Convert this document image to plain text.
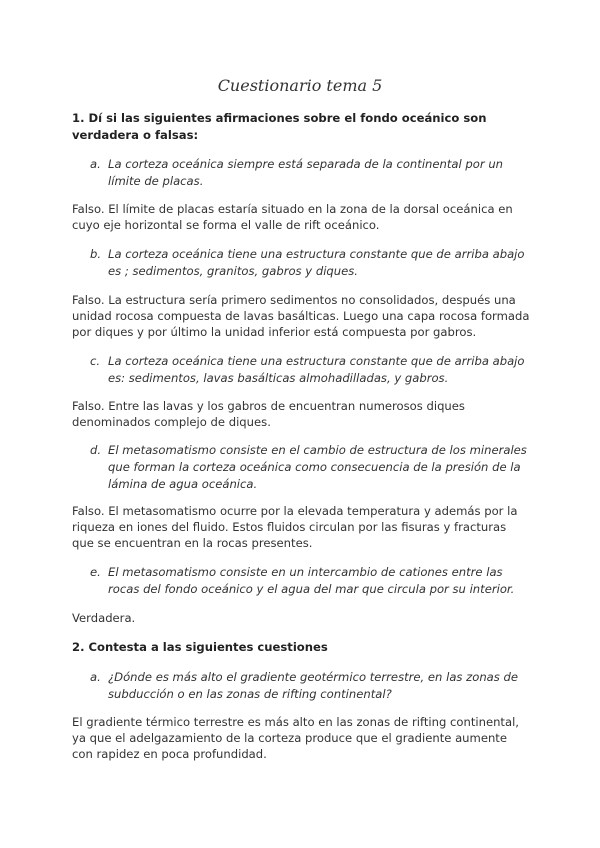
Cuestionario tema 5
1. Dí si las siguientes afirmaciones sobre el fondo oceánico son verdadera o falsas:
a. La corteza oceánica siempre está separada de la continental por un límite de placas.
Falso. El límite de placas estaría situado en la zona de la dorsal oceánica en cuyo eje horizontal se forma el valle de rift oceánico.
b. La corteza oceánica tiene una estructura constante que de arriba abajo es ; sedimentos, granitos, gabros y diques.
Falso. La estructura sería primero sedimentos no consolidados, después una unidad rocosa compuesta de lavas basálticas. Luego una capa rocosa formada por diques y por último la unidad inferior está compuesta por gabros.
c. La corteza oceánica tiene una estructura constante que de arriba abajo es: sedimentos, lavas basálticas almohadilladas, y gabros.
Falso. Entre las lavas y los gabros de encuentran numerosos diques denominados complejo de diques.
d. El metasomatismo consiste en el cambio de estructura de los minerales que forman la corteza oceánica como consecuencia de la presión de la lámina de agua oceánica.
Falso. El metasomatismo ocurre por la elevada temperatura y además por la riqueza en iones del fluido. Estos fluidos circulan por las fisuras y fracturas que se encuentran en la rocas presentes.
e. El metasomatismo consiste en un intercambio de cationes entre las rocas del fondo oceánico y el agua del mar que circula por su interior.
Verdadera.
2. Contesta a las siguientes cuestiones
a. ¿Dónde es más alto el gradiente geotérmico terrestre, en las zonas de subducción o en las zonas de rifting continental?
El gradiente térmico terrestre es más alto en las zonas de rifting continental, ya que el adelgazamiento de la corteza produce que el gradiente aumente con rapidez en poca profundidad.
